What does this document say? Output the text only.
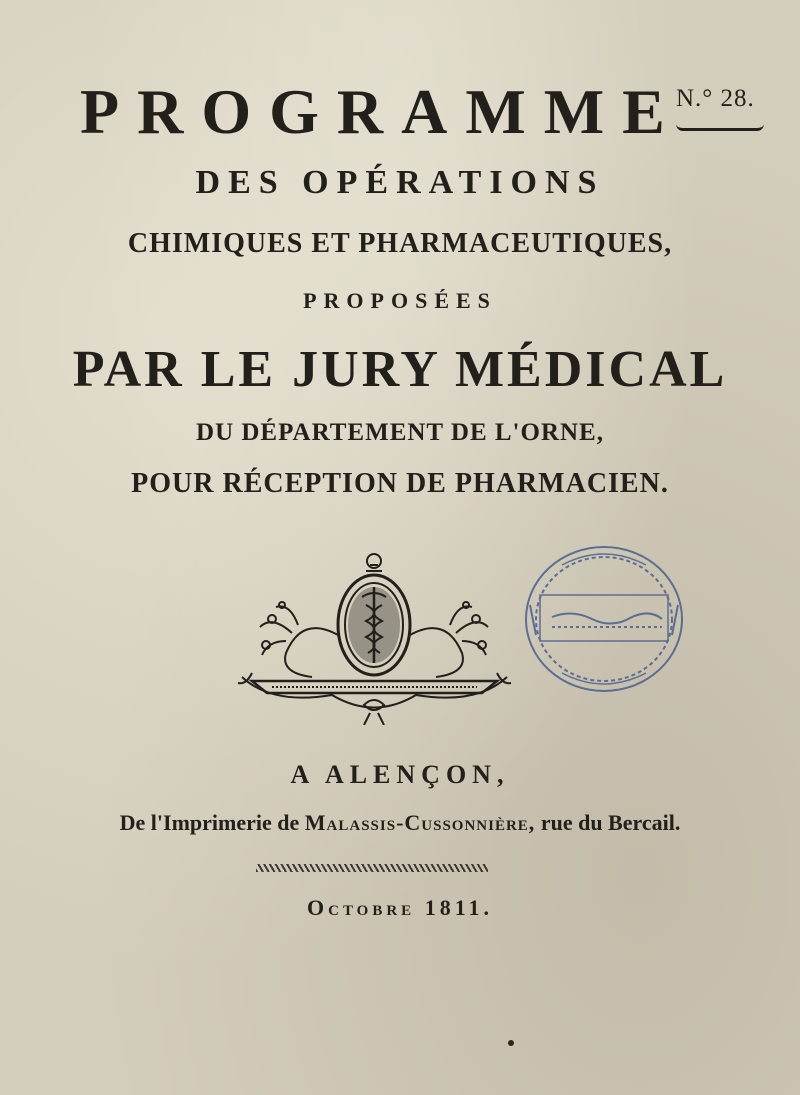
PROGRAMME
N.° 28.
DES OPÉRATIONS
CHIMIQUES ET PHARMACEUTIQUES,
PROPOSÉES
PAR LE JURY MÉDICAL
DU DÉPARTEMENT DE L'ORNE,
POUR RÉCEPTION DE PHARMACIEN.
A ALENÇON,
De l'Imprimerie de Malassis-Cussonnière, rue du Bercail.
Octobre 1811.
